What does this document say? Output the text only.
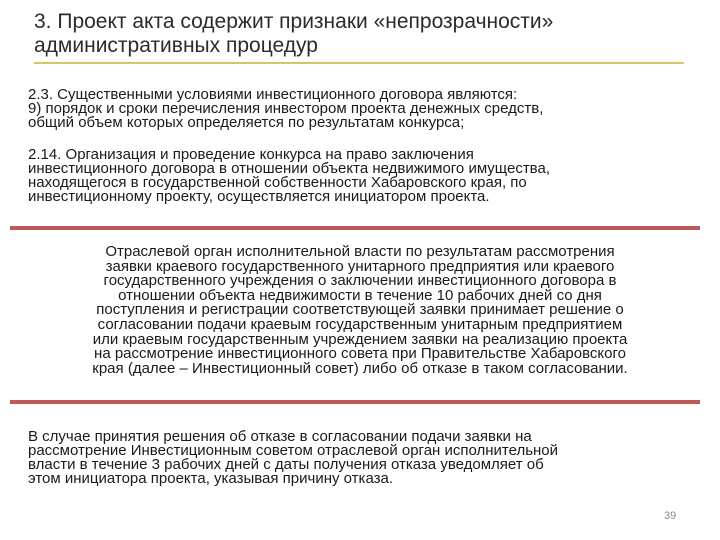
3. Проект акта содержит признаки «непрозрачности»
административных процедур
2.3. Существенными условиями инвестиционного договора являются:
9) порядок и сроки перечисления инвестором проекта денежных средств,
общий объем которых определяется по результатам конкурса;
2.14. Организация и проведение конкурса на право заключения
инвестиционного договора в отношении объекта недвижимого имущества,
находящегося в государственной собственности Хабаровского края, по
инвестиционному проекту, осуществляется инициатором проекта.
Отраслевой орган исполнительной власти по результатам рассмотрения
заявки краевого государственного унитарного предприятия или краевого
государственного учреждения о заключении инвестиционного договора в
отношении объекта недвижимости в течение 10 рабочих дней со дня
поступления и регистрации соответствующей заявки принимает решение о
согласовании подачи краевым государственным унитарным предприятием
или краевым государственным учреждением заявки на реализацию проекта
на рассмотрение инвестиционного совета при Правительстве Хабаровского
края (далее – Инвестиционный совет) либо об отказе в таком согласовании.
В случае принятия решения об отказе в согласовании подачи заявки на
рассмотрение Инвестиционным советом отраслевой орган исполнительной
власти в течение 3 рабочих дней с даты получения отказа уведомляет об
этом инициатора проекта, указывая причину отказа.
39
